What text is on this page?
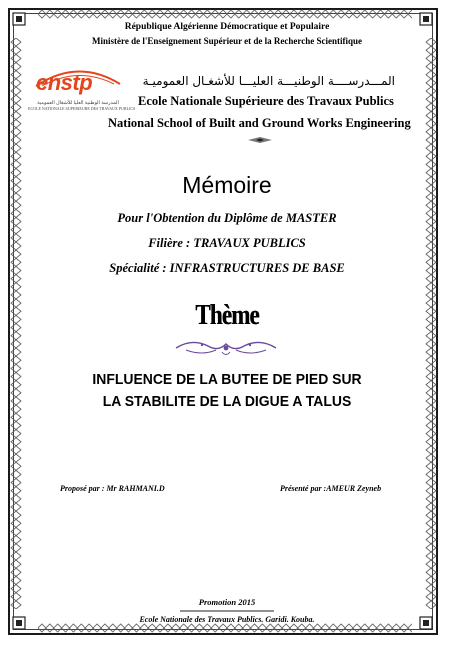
République Algérienne Démocratique et Populaire
Ministère de l'Enseignement Supérieur et de la Recherche Scientifique
enstp
المدرسة الوطنية العليا للأشغال العمومية
ECOLE NATIONALE SUPERIEURE DES TRAVAUX PUBLICS
المـــدرســــة الوطنيـــة العليـــا للأشغـال العموميـة
Ecole Nationale Supérieure des Travaux Publics
National School of Built and Ground Works Engineering
Mémoire
Pour l'Obtention du Diplôme de MASTER
Filière : TRAVAUX PUBLICS
Spécialité : INFRASTRUCTURES DE BASE
Thème
INFLUENCE DE LA BUTEE DE PIED SUR
LA STABILITE DE LA DIGUE A TALUS
Proposé par : Mr RAHMANI.D	Présenté par :AMEUR Zeyneb
Promotion 2015
Ecole Nationale des Travaux Publics. Garidi. Kouba.
